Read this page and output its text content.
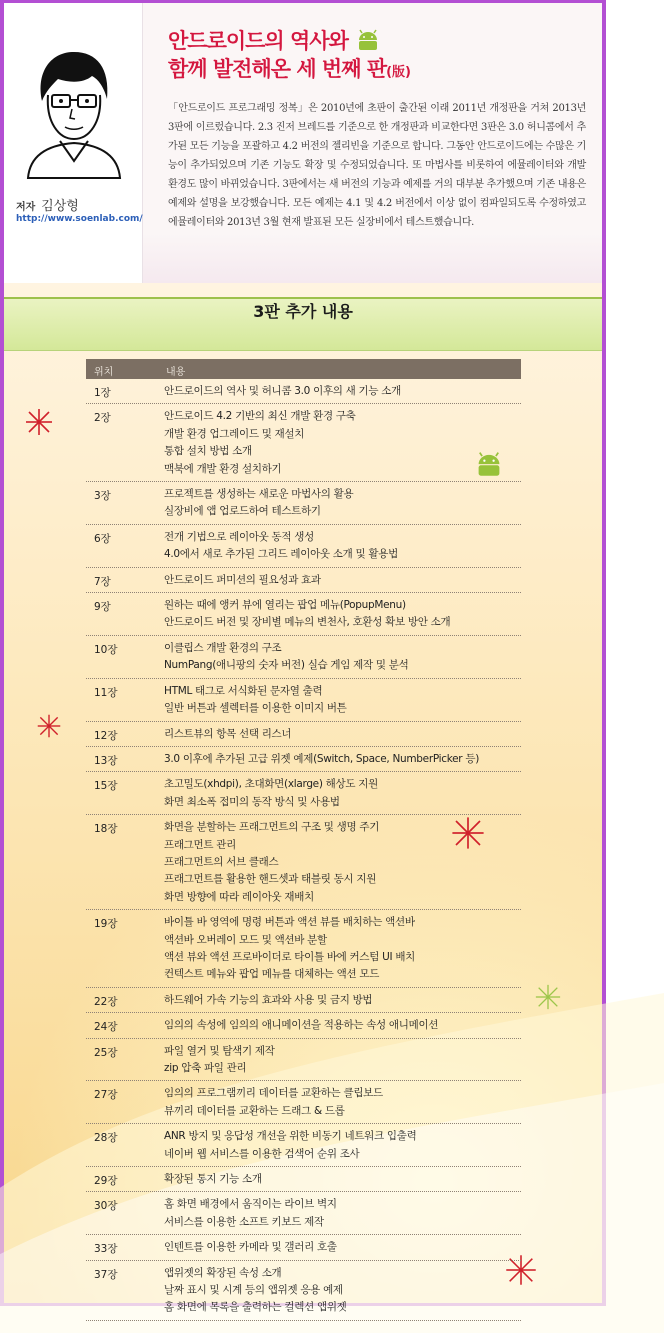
저자 김상형
http://www.soenlab.com/
안드로이드의 역사와
함께 발전해온 세 번째 판(版)
「안드로이드 프로그래밍 정복」은 2010년에 초판이 출간된 이래 2011년 개정판을 거쳐 2013년 3판에 이르렀습니다. 2.3 진저 브레드를 기준으로 한 개정판과 비교한다면 3판은 3.0 허니콤에서 추가된 모든 기능을 포괄하고 4.2 버전의 젤리빈을 기준으로 합니다. 그동안 안드로이드에는 수많은 기능이 추가되었으며 기존 기능도 확장 및 수정되었습니다. 또 마법사를 비롯하여 에뮬레이터와 개발 환경도 많이 바뀌었습니다. 3판에서는 새 버전의 기능과 예제를 거의 대부분 추가했으며 기존 내용은 예제와 설명을 보강했습니다. 모든 예제는 4.1 및 4.2 버전에서 이상 없이 컴파일되도록 수정하였고 에뮬레이터와 2013년 3월 현재 발표된 모든 실장비에서 테스트했습니다.
3판 추가 내용
위치	내용
1장	안드로이드의 역사 및 허니콤 3.0 이후의 새 기능 소개
2장	안드로이드 4.2 기반의 최신 개발 환경 구축
개발 환경 업그레이드 및 재설치
통합 설치 방법 소개
맥북에 개발 환경 설치하기
3장	프로젝트를 생성하는 새로운 마법사의 활용
실장비에 앱 업로드하여 테스트하기
6장	전개 기법으로 레이아웃 동적 생성
4.0에서 새로 추가된 그리드 레이아웃 소개 및 활용법
7장	안드로이드 퍼미션의 필요성과 효과
9장	원하는 때에 앵커 뷰에 열리는 팝업 메뉴(PopupMenu)
안드로이드 버전 및 장비별 메뉴의 변천사, 호환성 확보 방안 소개
10장	이클립스 개발 환경의 구조
NumPang(애니팡의 숫자 버전) 실습 게임 제작 및 분석
11장	HTML 태그로 서식화된 문자열 출력
일반 버튼과 셀렉터를 이용한 이미지 버튼
12장	리스트뷰의 항목 선택 리스너
13장	3.0 이후에 추가된 고급 위젯 예제(Switch, Space, NumberPicker 등)
15장	초고밀도(xhdpi), 초대화면(xlarge) 해상도 지원
화면 최소폭 접미의 동작 방식 및 사용법
18장	화면을 분할하는 프래그먼트의 구조 및 생명 주기
프래그먼트 관리
프래그먼트의 서브 클래스
프래그먼트를 활용한 핸드셋과 태블릿 동시 지원
화면 방향에 따라 레이아웃 재배치
19장	바이틀 바 영역에 명령 버튼과 액션 뷰를 배치하는 액션바
액션바 오버레이 모드 및 액션바 분할
액션 뷰와 액션 프로바이더로 타이틀 바에 커스텀 UI 배치
컨텍스트 메뉴와 팝업 메뉴를 대체하는 액션 모드
22장	하드웨어 가속 기능의 효과와 사용 및 금지 방법
24장	임의의 속성에 임의의 애니메이션을 적용하는 속성 애니메이션
25장	파일 열거 및 탐색기 제작
zip 압축 파일 관리
27장	임의의 프로그램끼리 데이터를 교환하는 클립보드
뷰끼리 데이터를 교환하는 드래그 & 드롭
28장	ANR 방지 및 응답성 개선을 위한 비동기 네트워크 입출력
네이버 웹 서비스를 이용한 검색어 순위 조사
29장	확장된 통지 기능 소개
30장	홈 화면 배경에서 움직이는 라이브 벽지
서비스를 이용한 소프트 키보드 제작
33장	인텐트를 이용한 카메라 및 갤러리 호출
37장	앱위젯의 확장된 속성 소개
날짜 표시 및 시계 등의 앱위젯 응용 예제
홈 화면에 목록을 출력하는 컬렉션 앱위젯
